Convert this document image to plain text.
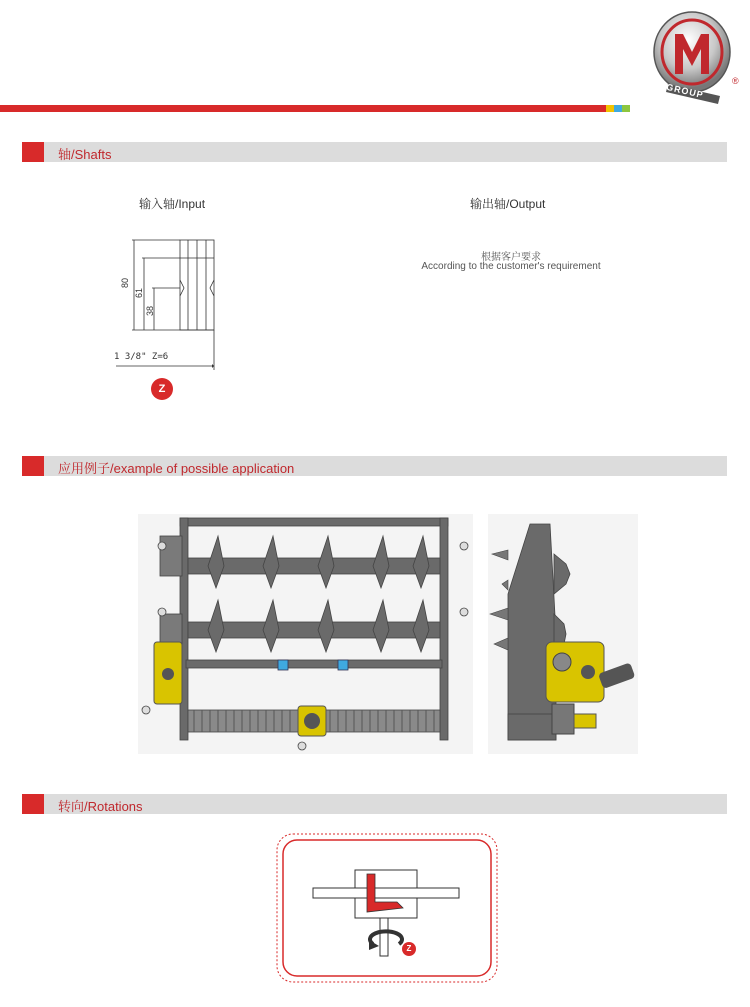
GROUP
®
轴/Shafts
输入轴/Input	输出轴/Output
根据客户要求
According to the customer's requirement
80
61
38
1 3/8" Z=6
Z
应用例子/example of possible application
转向/Rotations
Z
